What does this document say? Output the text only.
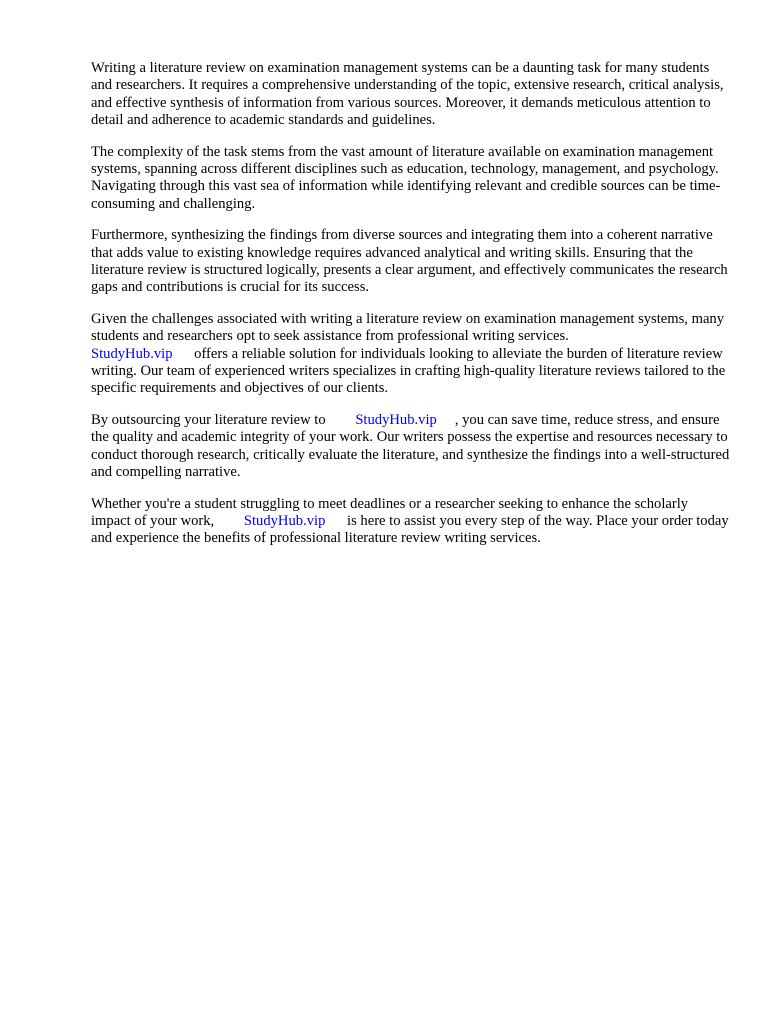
Writing a literature review on examination management systems can be a daunting task for many students and researchers. It requires a comprehensive understanding of the topic, extensive research, critical analysis, and effective synthesis of information from various sources. Moreover, it demands meticulous attention to detail and adherence to academic standards and guidelines.

The complexity of the task stems from the vast amount of literature available on examination management systems, spanning across different disciplines such as education, technology, management, and psychology. Navigating through this vast sea of information while identifying relevant and credible sources can be time-consuming and challenging.

Furthermore, synthesizing the findings from diverse sources and integrating them into a coherent narrative that adds value to existing knowledge requires advanced analytical and writing skills. Ensuring that the literature review is structured logically, presents a clear argument, and effectively communicates the research gaps and contributions is crucial for its success.

Given the challenges associated with writing a literature review on examination management systems, many students and researchers opt to seek assistance from professional writing services.
StudyHub.vip offers a reliable solution for individuals looking to alleviate the burden of literature review writing. Our team of experienced writers specializes in crafting high-quality literature reviews tailored to the specific requirements and objectives of our clients.

By outsourcing your literature review to StudyHub.vip , you can save time, reduce stress, and ensure the quality and academic integrity of your work. Our writers possess the expertise and resources necessary to conduct thorough research, critically evaluate the literature, and synthesize the findings into a well-structured and compelling narrative.

Whether you're a student struggling to meet deadlines or a researcher seeking to enhance the scholarly impact of your work, StudyHub.vip is here to assist you every step of the way. Place your order today and experience the benefits of professional literature review writing services.
